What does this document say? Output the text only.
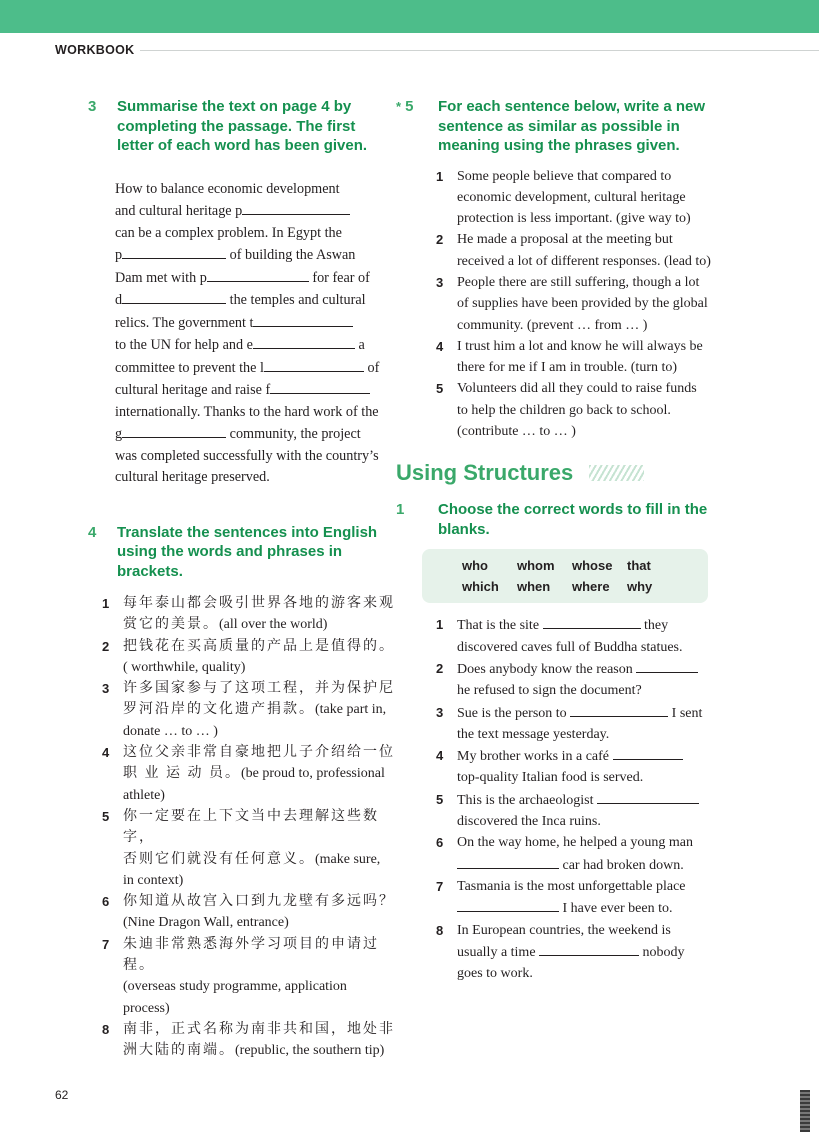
WORKBOOK
3	Summarise the text on page 4 by completing the passage. The first letter of each word has been given.
How to balance economic development
and cultural heritage p
can be a complex problem. In Egypt the
p	of building the Aswan
Dam met with p	for fear of
d	the temples and cultural
relics. The government t
to the UN for help and e	a
committee to prevent the l	of
cultural heritage and raise f
internationally. Thanks to the hard work of the
g	community, the project
was completed successfully with the country’s
cultural heritage preserved.
4	Translate the sentences into English using the words and phrases in brackets.
1 每年泰山都会吸引世界各地的游客来观
赏它的美景。(all over the world)
2 把钱花在买高质量的产品上是值得的。
( worthwhile, quality)
3 许多国家参与了这项工程，并为保护尼
罗河沿岸的文化遗产捐款。(take part in,
donate … to … )
4 这位父亲非常自豪地把儿子介绍给一位
职 业 运 动 员。(be proud to, professional
athlete)
5 你一定要在上下文当中去理解这些数字，
否则它们就没有任何意义。(make sure,
in context)
6 你知道从故宫入口到九龙壁有多远吗？
(Nine Dragon Wall, entrance)
7 朱迪非常熟悉海外学习项目的申请过程。
(overseas study programme, application
process)
8 南非，正式名称为南非共和国，地处非
洲大陆的南端。(republic, the southern tip)
* 5	For each sentence below, write a new sentence as similar as possible in meaning using the phrases given.
1 Some people believe that compared to
economic development, cultural heritage
protection is less important. (give way to)
2 He made a proposal at the meeting but
received a lot of different responses. (lead to)
3 People there are still suffering, though a lot
of supplies have been provided by the global
community. (prevent … from … )
4 I trust him a lot and know he will always be
there for me if I am in trouble. (turn to)
5 Volunteers did all they could to raise funds
to help the children go back to school.
(contribute … to … )
Using Structures
1	Choose the correct words to fill in the blanks.
who	whom	whose	that
which	when	where	why
1 That is the site	they
discovered caves full of Buddha statues.
2 Does anybody know the reason
he refused to sign the document?
3 Sue is the person to	I sent
the text message yesterday.
4 My brother works in a café
top-quality Italian food is served.
5 This is the archaeologist
discovered the Inca ruins.
6 On the way home, he helped a young man
car had broken down.
7 Tasmania is the most unforgettable place
I have ever been to.
8 In European countries, the weekend is
usually a time	nobody
goes to work.
62
